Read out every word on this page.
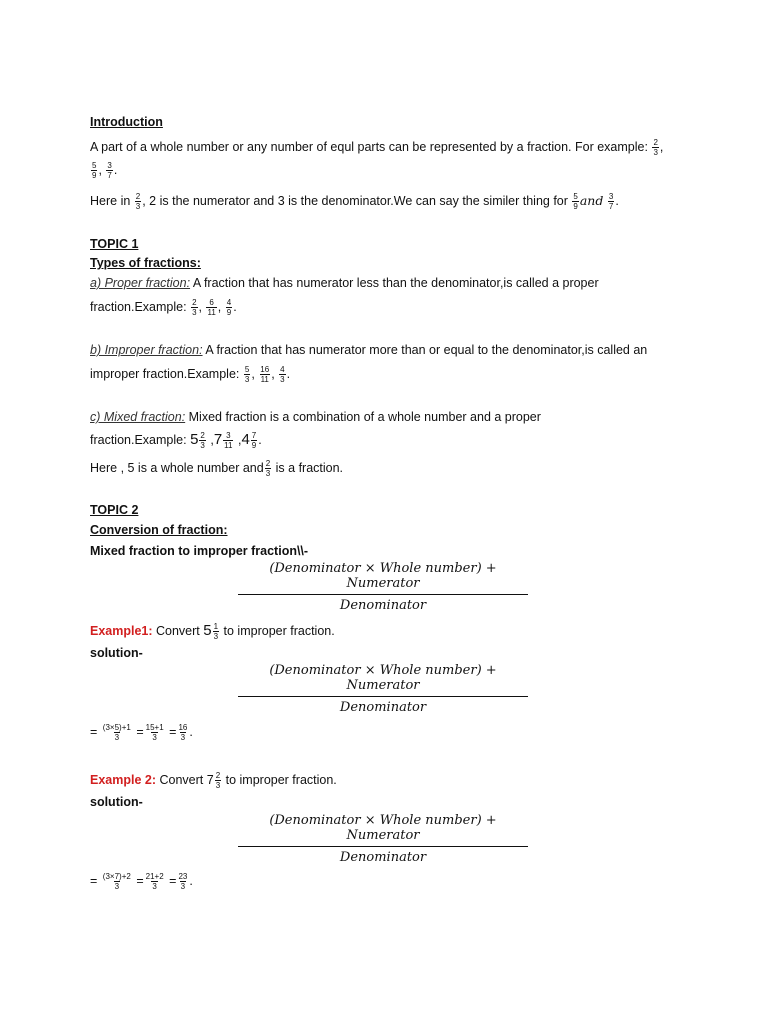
Introduction
A part of a whole number or any number of equl parts can be represented by a fraction. For example: $\frac{2}{3}$ ,
$\frac{5}{9}$ , $\frac{3}{7}$ .
Here in $\frac{2}{3}$ , 2 is the numerator and 3 is the denominator.We can say the similer thing for $\frac{5}{9}$ and $\frac{3}{7}$ .
TOPIC 1
Types of fractions:
a) Proper fraction: A fraction that has numerator less than the denominator,is called a proper
fraction.Example: $\frac{2}{3}$ , $\frac{6}{11}$ , $\frac{4}{9}$ .
b) Improper fraction: A fraction that has numerator more than or equal to the denominator,is called an
improper fraction.Example: $\frac{5}{3}$ , $\frac{16}{11}$ , $\frac{4}{3}$ .
c) Mixed fraction: Mixed fraction is a combination of a whole number and a proper
fraction.Example: $5 \frac{2}{3} ,7 \frac{3}{11} ,4 \frac{7}{9}$ .
Here , 5 is a whole number and $\frac{2}{3}$ is a fraction.
TOPIC 2
Conversion of fraction:
Mixed fraction to improper fraction\\-
(Denominator × Whole number) + Numerator
Denominator
Example1: Convert $5 \frac{1}{3}$ to improper fraction.
solution-
(Denominator × Whole number) + Numerator
Denominator
= $\frac{(3\times 5)+1}{3} = \frac{15+1}{3} = \frac{16}{3}$ .
Example 2: Convert $7 \frac{2}{3}$ to improper fraction.
solution-
(Denominator × Whole number) + Numerator
Denominator
= $\frac{(3\times 7)+2}{3} = \frac{21+2}{3} = \frac{23}{3}$ .
